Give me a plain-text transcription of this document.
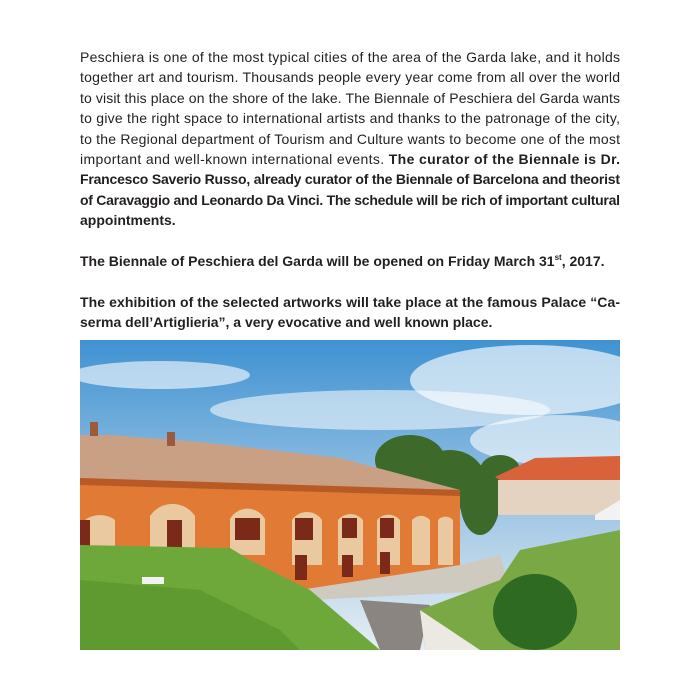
Peschiera is one of the most typical cities of the area of the Garda lake, and it holds
together art and tourism. Thousands people every year come from all over the world
to visit this place on the shore of the lake. The Biennale of Peschiera del Garda wants
to give the right space to international artists and thanks to the patronage of the city,
to the Regional department of Tourism and Culture wants to become one of the most
important and well-known international events. The curator of the Biennale is Dr.
Francesco Saverio Russo, already curator of the Biennale of Barcelona and theorist
of Caravaggio and Leonardo Da Vinci. The schedule will be rich of important cultural
appointments.
The Biennale of Peschiera del Garda will be opened on Friday March 31st, 2017.
The exhibition of the selected artworks will take place at the famous Palace “Ca-
serma dell’Artiglieria”, a very evocative and well known place.
